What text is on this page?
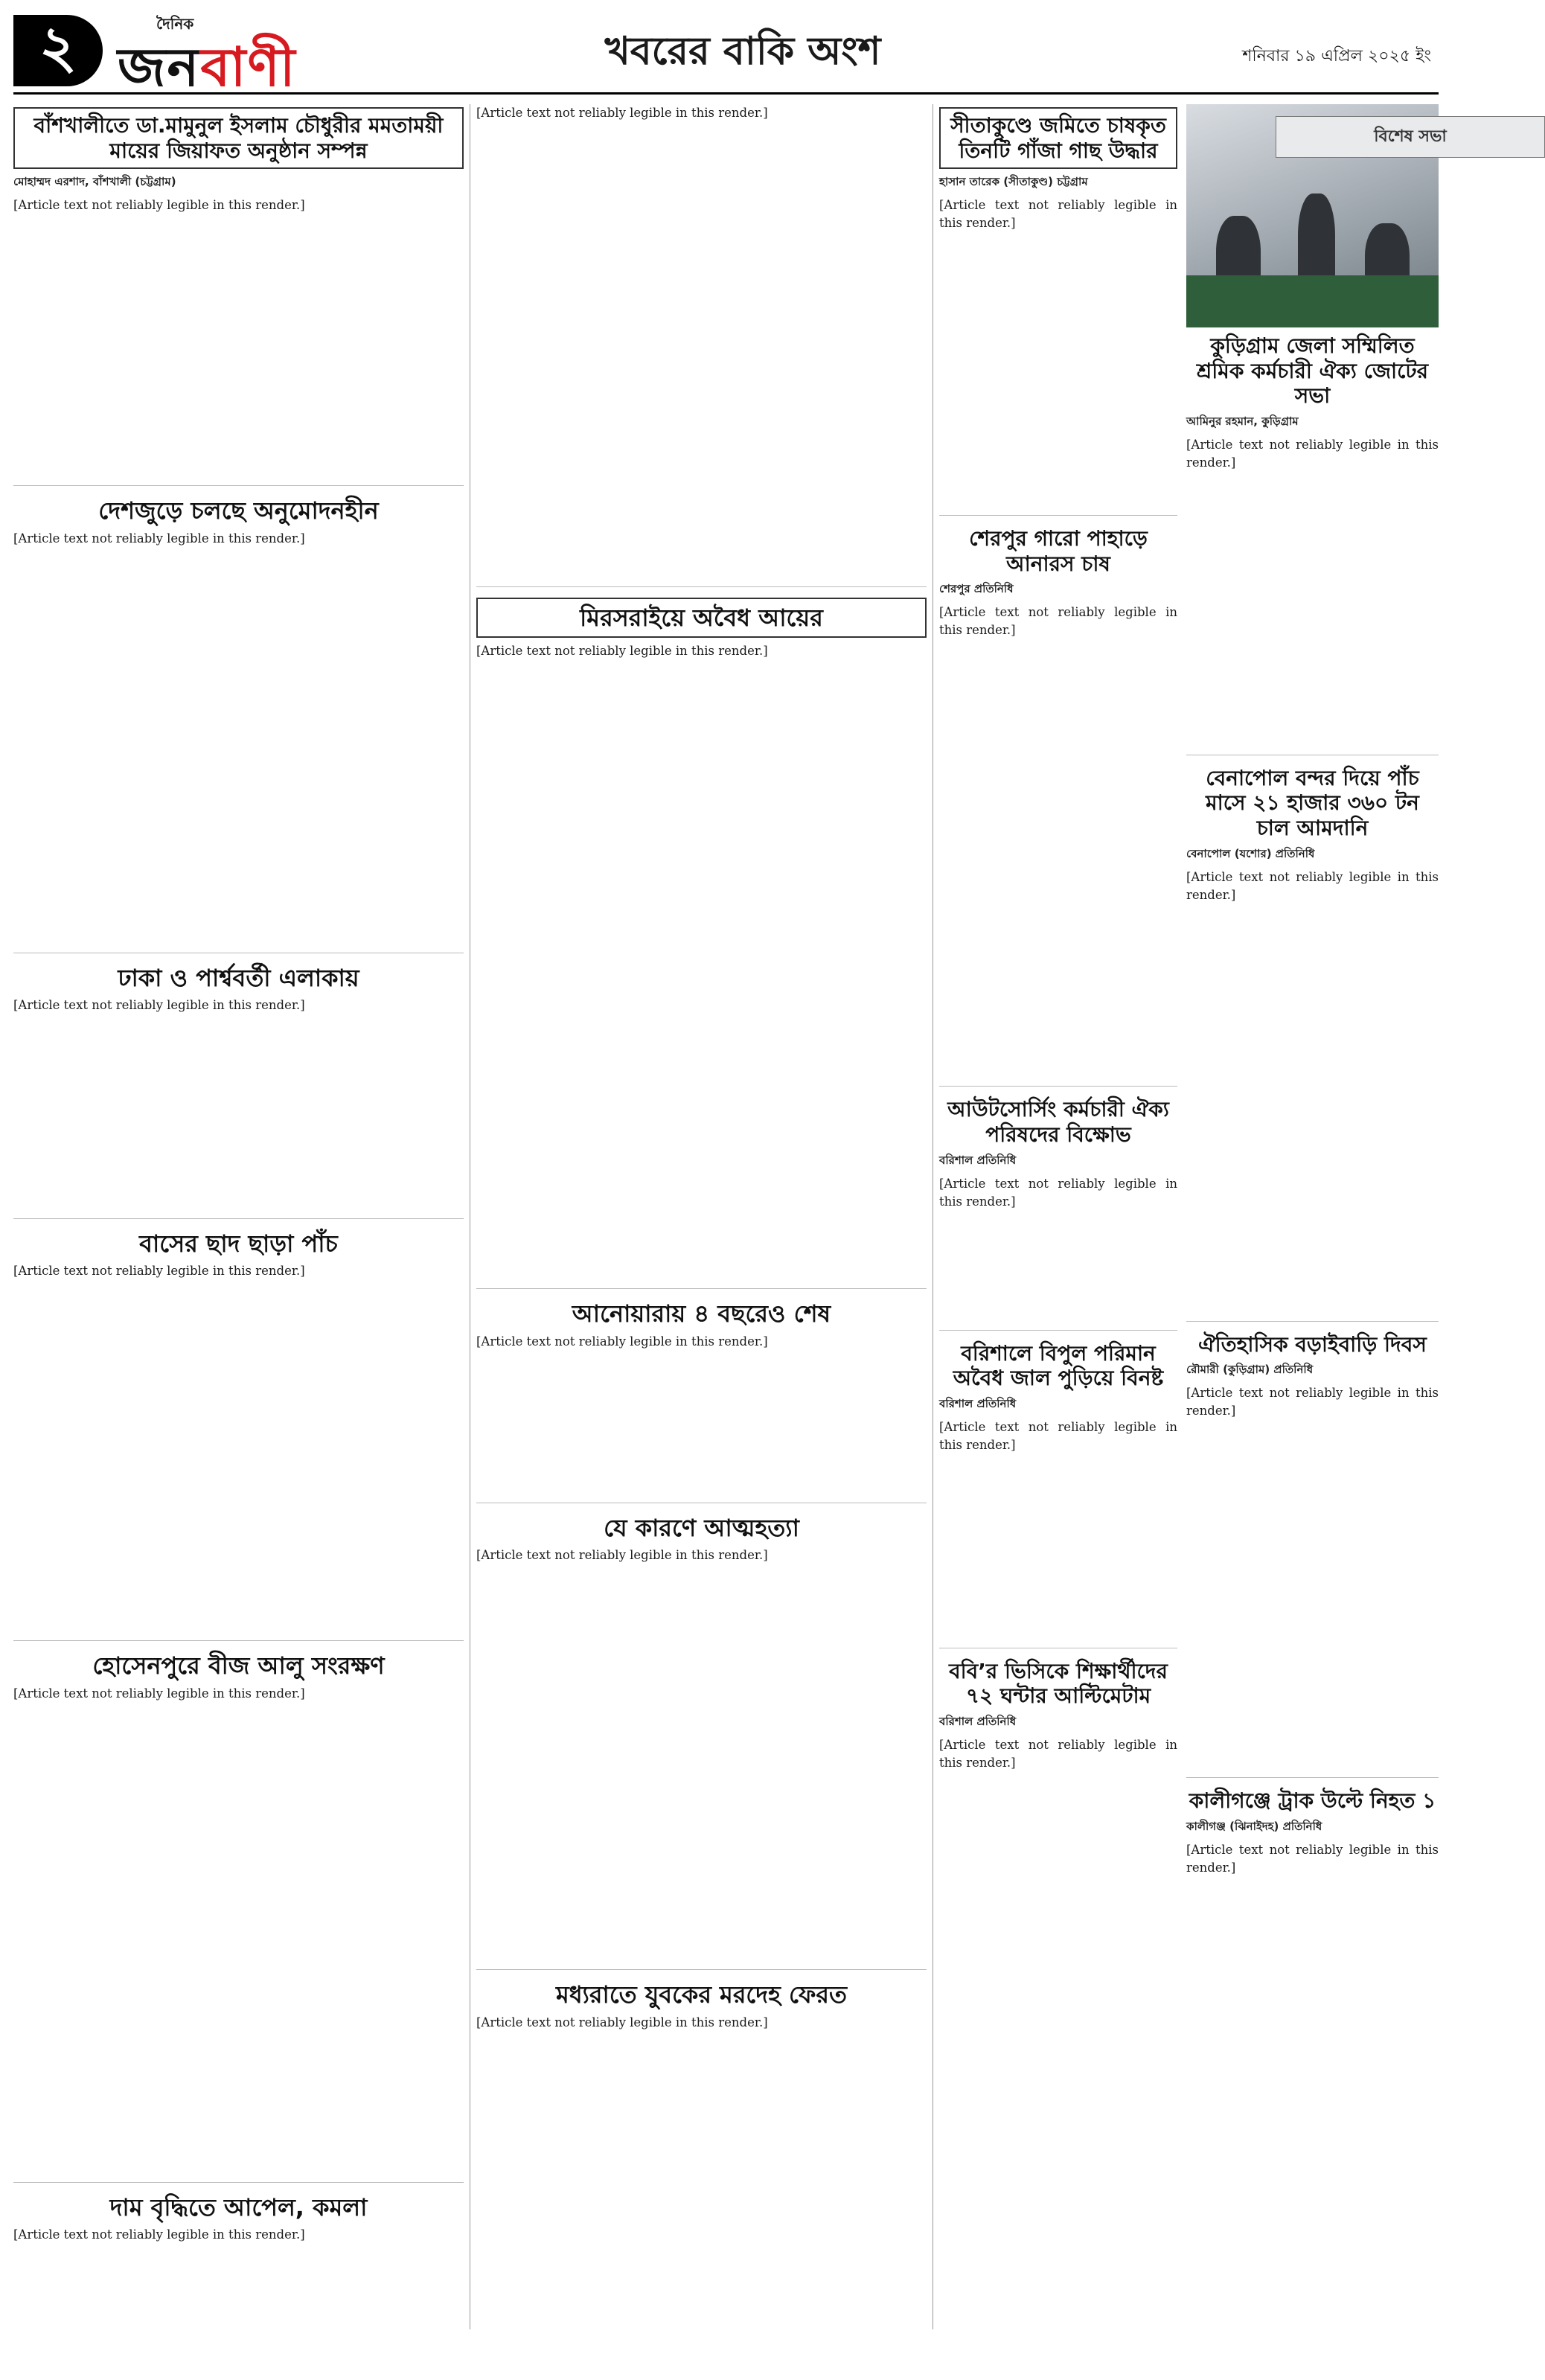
২	দৈনিক
জনবাণী	খবরের বাকি অংশ	শনিবার ১৯ এপ্রিল ২০২৫ ইং
বাঁশখালীতে ডা.মামুনুল ইসলাম চৌধুরীর মমতাময়ী মায়ের জিয়াফত অনুষ্ঠান সম্পন্ন
মোহাম্মদ এরশাদ, বাঁশখালী (চট্টগ্রাম)

[Article text not reliably legible in this render.]

দেশজুড়ে চলছে অনুমোদনহীন

[Article text not reliably legible in this render.]

ঢাকা ও পার্শ্ববর্তী এলাকায়

[Article text not reliably legible in this render.]

বাসের ছাদ ছাড়া পাঁচ

[Article text not reliably legible in this render.]

হোসেনপুরে বীজ আলু সংরক্ষণ

[Article text not reliably legible in this render.]

দাম বৃদ্ধিতে আপেল, কমলা

[Article text not reliably legible in this render.]

[Article text not reliably legible in this render.]

মিরসরাইয়ে অবৈধ আয়ের

[Article text not reliably legible in this render.]

আনোয়ারায় ৪ বছরেও শেষ

[Article text not reliably legible in this render.]

যে কারণে আত্মহত্যা

[Article text not reliably legible in this render.]

মধ্যরাতে যুবকের মরদেহ ফেরত

[Article text not reliably legible in this render.]

সীতাকুণ্ডে জমিতে চাষকৃত তিনটি গাঁজা গাছ উদ্ধার
হাসান তারেক (সীতাকুণ্ড) চট্টগ্রাম

[Article text not reliably legible in this render.]

শেরপুর গারো পাহাড়ে আনারস চাষ
শেরপুর প্রতিনিধি

[Article text not reliably legible in this render.]

আউটসোর্সিং কর্মচারী ঐক্য পরিষদের বিক্ষোভ
বরিশাল প্রতিনিধি

[Article text not reliably legible in this render.]

বরিশালে বিপুল পরিমান অবৈধ জাল পুড়িয়ে বিনষ্ট
বরিশাল প্রতিনিধি

[Article text not reliably legible in this render.]

ববি’র ভিসিকে শিক্ষার্থীদের ৭২ ঘন্টার আল্টিমেটাম
বরিশাল প্রতিনিধি

[Article text not reliably legible in this render.]

বিশেষ সভা
কুড়িগ্রাম জেলা সম্মিলিত শ্রমিক কর্মচারী ঐক্য জোটের সভা
আমিনুর রহমান, কুড়িগ্রাম

[Article text not reliably legible in this render.]

বেনাপোল বন্দর দিয়ে পাঁচ মাসে ২১ হাজার ৩৬০ টন চাল আমদানি
বেনাপোল (যশোর) প্রতিনিধি

[Article text not reliably legible in this render.]

ঐতিহাসিক বড়াইবাড়ি দিবস
রৌমারী (কুড়িগ্রাম) প্রতিনিধি

[Article text not reliably legible in this render.]

কালীগঞ্জে ট্রাক উল্টে নিহত ১
কালীগঞ্জ (ঝিনাইদহ) প্রতিনিধি

[Article text not reliably legible in this render.]
